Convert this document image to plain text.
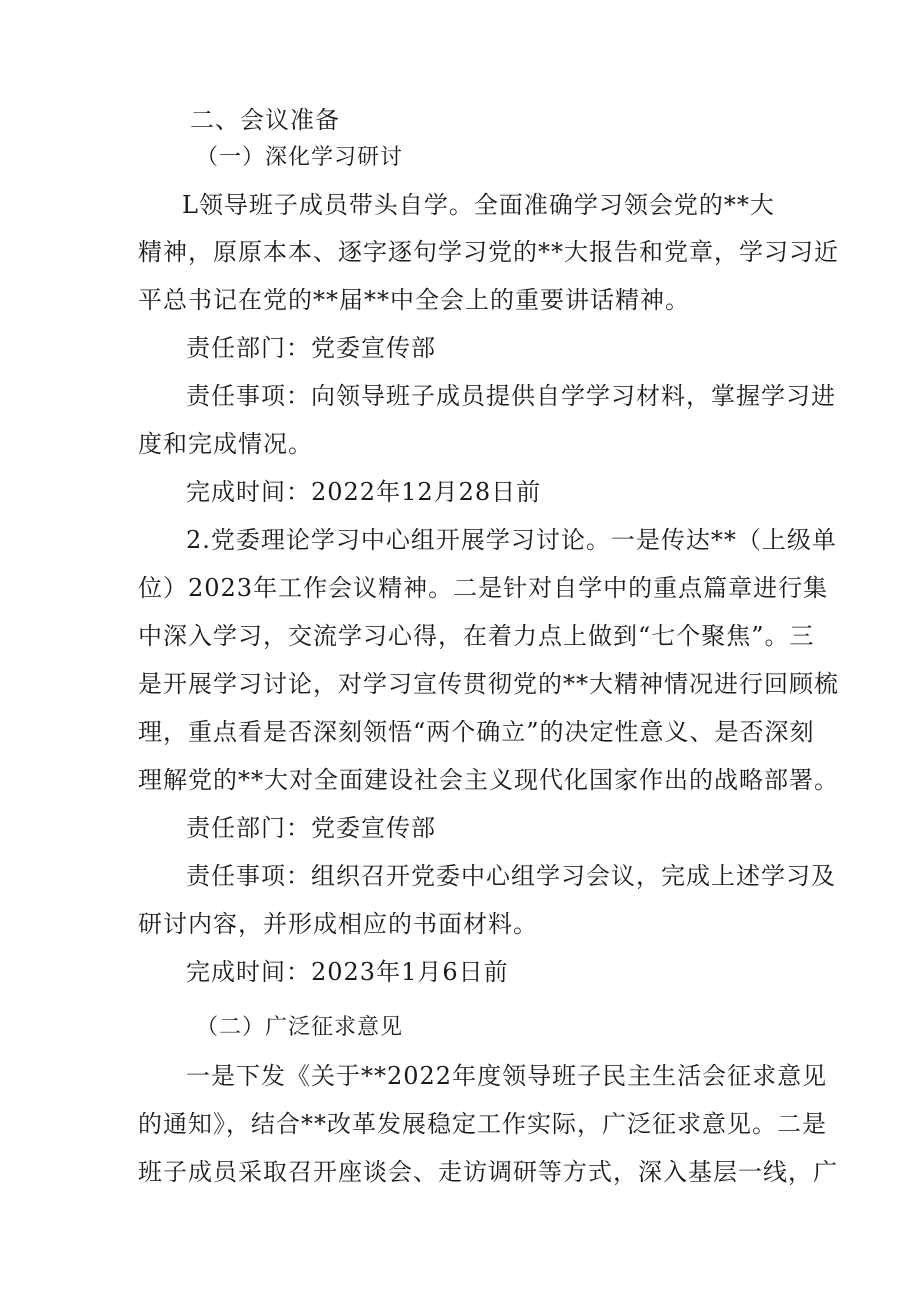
二、会议准备
（一）深化学习研讨
L领导班子成员带头自学。全面准确学习领会党的**大
精神，原原本本、逐字逐句学习党的**大报告和党章，学习习近
平总书记在党的**届**中全会上的重要讲话精神。
责任部门：党委宣传部
责任事项：向领导班子成员提供自学学习材料，掌握学习进
度和完成情况。
完成时间：2022年12月28日前
2.党委理论学习中心组开展学习讨论。一是传达**（上级单
位）2023年工作会议精神。二是针对自学中的重点篇章进行集
中深入学习，交流学习心得，在着力点上做到“七个聚焦”。三
是开展学习讨论，对学习宣传贯彻党的**大精神情况进行回顾梳
理，重点看是否深刻领悟“两个确立”的决定性意义、是否深刻
理解党的**大对全面建设社会主义现代化国家作出的战略部署。
责任部门：党委宣传部
责任事项：组织召开党委中心组学习会议，完成上述学习及
研讨内容，并形成相应的书面材料。
完成时间：2023年1月6日前
（二）广泛征求意见
一是下发《关于**2022年度领导班子民主生活会征求意见
的通知》，结合**改革发展稳定工作实际，广泛征求意见。二是
班子成员采取召开座谈会、走访调研等方式，深入基层一线，广
